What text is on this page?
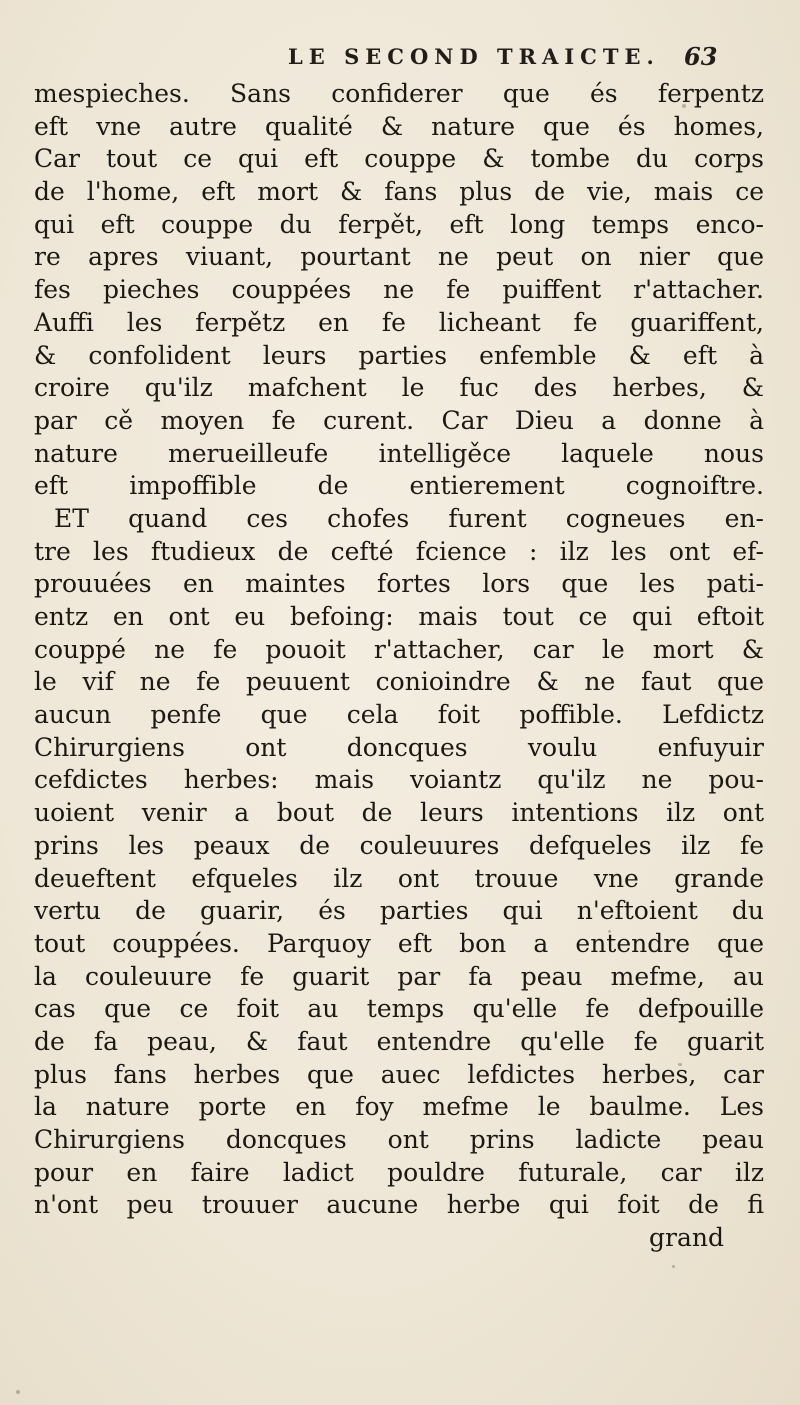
LE SECOND TRAICTE. 63
mespieches. Sans confiderer que és ferpentz
eft vne autre qualité & nature que és homes,
Car tout ce qui eft couppe & tombe du corps
de l'home, eft mort & fans plus de vie, mais ce
qui eft couppe du ferpět, eft long temps enco-
re apres viuant, pourtant ne peut on nier que
fes pieches couppées ne fe puiffent r'attacher.
Auffi les ferpětz en fe licheant fe guariffent,
& confolident leurs parties enfemble & eft à
croire qu'ilz mafchent le fuc des herbes, &
par cě moyen fe curent. Car Dieu a donne à
nature merueilleufe intelligěce laquele nous
eft impoffible de entierement cognoiftre.
ET quand ces chofes furent cogneues en-
tre les ftudieux de cefté fcience : ilz les ont ef-
prouuées en maintes fortes lors que les pati-
entz en ont eu befoing: mais tout ce qui eftoit
couppé ne fe pouoit r'attacher, car le mort &
le vif ne fe peuuent conioindre & ne faut que
aucun penfe que cela foit poffible. Lefdictz
Chirurgiens ont doncques voulu enfuyuir
cefdictes herbes: mais voiantz qu'ilz ne pou-
uoient venir a bout de leurs intentions ilz ont
prins les peaux de couleuures defqueles ilz fe
deueftent efqueles ilz ont trouue vne grande
vertu de guarir, és parties qui n'eftoient du
tout couppées. Parquoy eft bon a entendre que
la couleuure fe guarit par fa peau mefme, au
cas que ce foit au temps qu'elle fe defpouille
de fa peau, & faut entendre qu'elle fe guarit
plus fans herbes que auec lefdictes herbes, car
la nature porte en foy mefme le baulme. Les
Chirurgiens doncques ont prins ladicte peau
pour en faire ladict pouldre futurale, car ilz
n'ont peu trouuer aucune herbe qui foit de fi
grand
